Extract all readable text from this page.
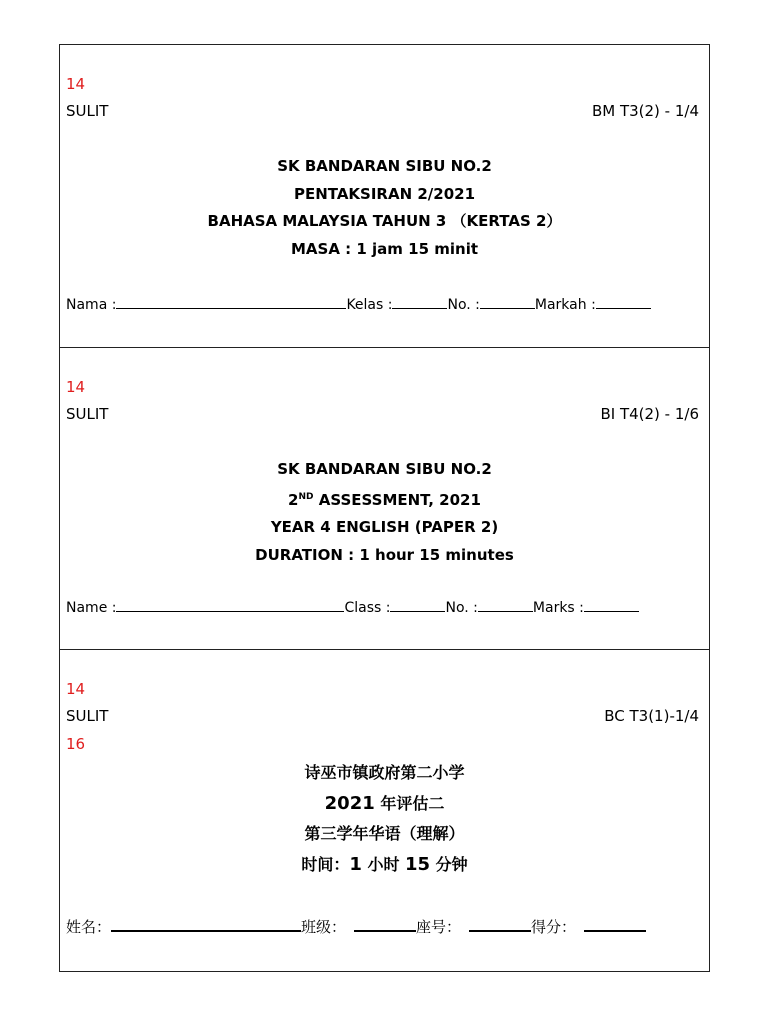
14
SULIT	BM T3(2) - 1/4
SK BANDARAN SIBU NO.2
PENTAKSIRAN 2/2021
BAHASA MALAYSIA TAHUN 3 （KERTAS 2）
MASA : 1 jam 15 minit
Nama :	Kelas :	No. :	Markah :
14
SULIT	BI T4(2) - 1/6
SK BANDARAN SIBU NO.2
2ND ASSESSMENT, 2021
YEAR 4 ENGLISH (PAPER 2)
DURATION : 1 hour 15 minutes
Name :	Class :	No. :	Marks :
14
SULIT
16
BC T3(1)-1/4
诗巫市镇政府第二小学
2021 年评估二
第三学年华语（理解）
时间：1 小时 15 分钟
姓名：	班级：	座号：	得分：
